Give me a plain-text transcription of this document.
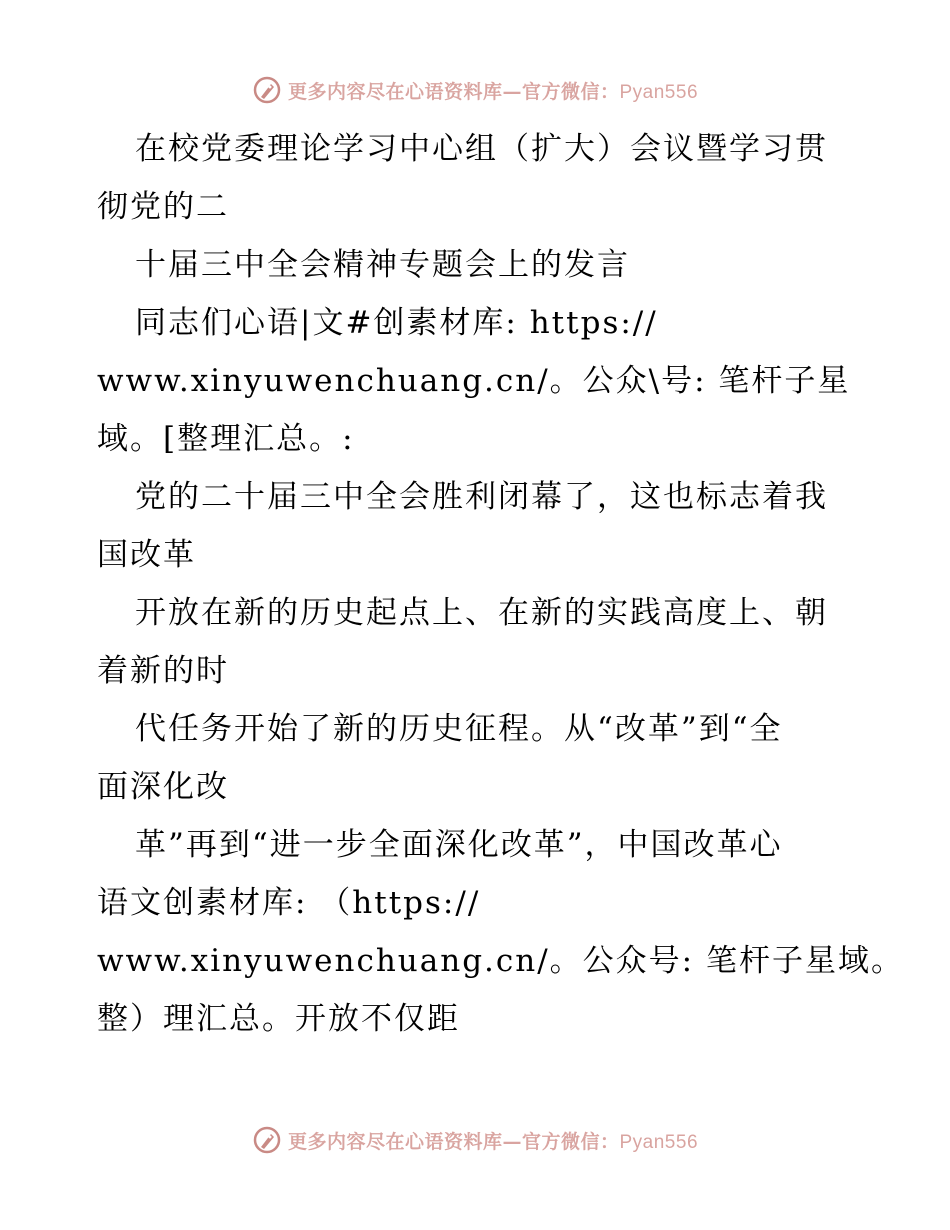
更多内容尽在心语资料库—官方微信：Pyan556
在校党委理论学习中心组（扩大）会议暨学习贯
彻党的二
十届三中全会精神专题会上的发言
同志们心语|文#创素材库: https://
www.xinyuwenchuang.cn/。公众\号: 笔杆子星
域。[整理汇总。:
党的二十届三中全会胜利闭幕了，这也标志着我
国改革
开放在新的历史起点上、在新的实践高度上、朝
着新的时
代任务开始了新的历史征程。从“改革”到“全
面深化改
革”再到“进一步全面深化改革”，中国改革心
语文创素材库: （https://
www.xinyuwenchuang.cn/。公众号: 笔杆子星域。
整）理汇总。开放不仅距
更多内容尽在心语资料库—官方微信：Pyan556
